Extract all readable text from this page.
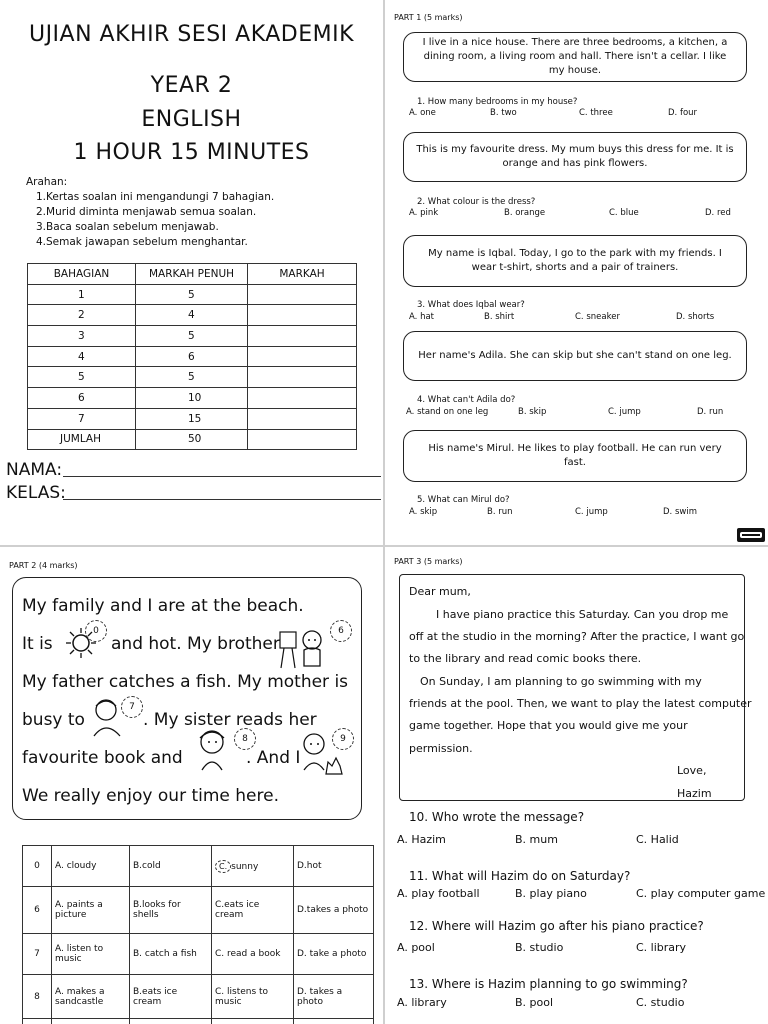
UJIAN AKHIR SESI AKADEMIK
YEAR 2
ENGLISH
1 HOUR 15 MINUTES
Arahan:
1.Kertas soalan ini mengandungi 7 bahagian.
2.Murid diminta menjawab semua soalan.
3.Baca soalan sebelum menjawab.
4.Semak jawapan sebelum menghantar.
BAHAGIAN	MARKAH PENUH	MARKAH
1	5	
2	4	
3	5	
4	6	
5	5	
6	10	
7	15	
JUMLAH	50	
NAMA:
KELAS:
PART 1 (5 marks)
I live in a nice house. There are three bedrooms, a kitchen, a dining room, a living room and hall. There isn't a cellar. I like my house.
1. How many bedrooms in my house?
A. one	B. two	C. three	D. four
This is my favourite dress. My mum buys this dress for me. It is orange and has pink flowers.
2. What colour is the dress?
A. pink	B. orange	C. blue	D. red
My name is Iqbal. Today, I go to the park with my friends. I wear t-shirt, shorts and a pair of trainers.
3. What does Iqbal wear?
A. hat	B. shirt	C. sneaker	D. shorts
Her name's Adila. She can skip but she can't stand on one leg.
4. What can't Adila do?
A. stand on one leg	B. skip	C. jump	D. run
His name's Mirul. He likes to play football. He can run very fast.
5. What can Mirul do?
A. skip	B. run	C. jump	D. swim
PART 2 (4 marks)
My family and I are at the beach.
It is
0
and hot. My brother
6
My father catches a fish. My mother is
busy to
7
. My sister reads her
favourite book and
8
. And I
9
We really enjoy our time here.
0	A. cloudy	B.cold	C. sunny	D.hot
6	A. paints a picture	B.looks for shells	C.eats ice cream	D.takes a photo
7	A. listen to music	B. catch a fish	C. read a book	D. take a photo
8	A. makes a sandcastle	B.eats ice cream	C. listens to music	D. takes a photo

PART 3 (5 marks)
Dear mum,
I have piano practice this Saturday. Can you drop me
off at the studio in the morning? After the practice, I want go
to the library and read comic books there.
On Sunday, I am planning to go swimming with my
friends at the pool. Then, we want to play the latest computer
game together. Hope that you would give me your
permission.
Love,
Hazim
10. Who wrote the message?
A. Hazim	B. mum	C. Halid
11. What will Hazim do on Saturday?
A. play football	B. play piano	C. play computer game
12. Where will Hazim go after his piano practice?
A. pool	B. studio	C. library
13. Where is Hazim planning to go swimming?
A. library	B. pool	C. studio
